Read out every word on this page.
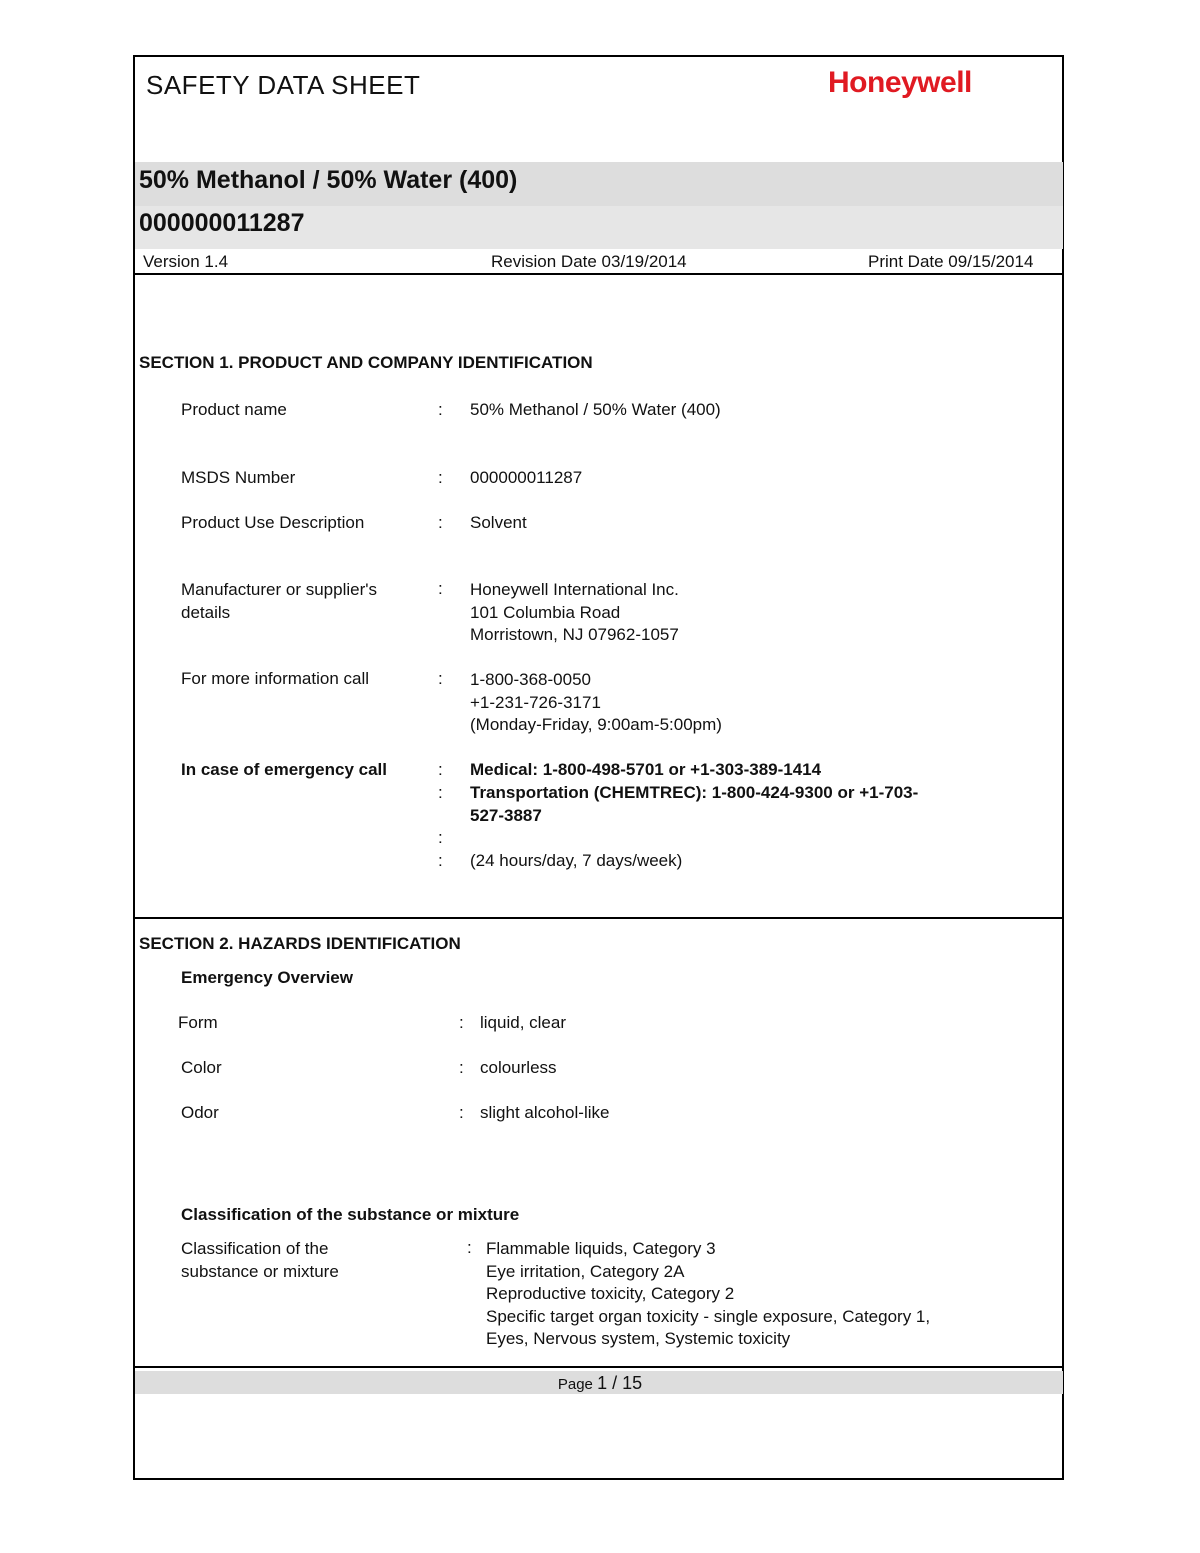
SAFETY DATA SHEET	Honeywell
50% Methanol / 50% Water (400)
000000011287
Version 1.4	Revision Date 03/19/2014	Print Date 09/15/2014
SECTION 1. PRODUCT AND COMPANY IDENTIFICATION
Product name	: 50% Methanol / 50% Water (400)
MSDS Number	: 000000011287
Product Use Description	: Solvent
Manufacturer or supplier's
details
: Honeywell International Inc.
101 Columbia Road
Morristown, NJ 07962-1057
For more information call	: 1-800-368-0050
+1-231-726-3171
(Monday-Friday, 9:00am-5:00pm)
In case of emergency call	: Medical: 1-800-498-5701 or +1-303-389-1414
: Transportation (CHEMTREC): 1-800-424-9300 or +1-703-
527-3887
:
: (24 hours/day, 7 days/week)
SECTION 2. HAZARDS IDENTIFICATION
Emergency Overview
Form	: liquid, clear
Color	: colourless
Odor	: slight alcohol-like
Classification of the substance or mixture
Classification of the
substance or mixture
: Flammable liquids, Category 3
Eye irritation, Category 2A
Reproductive toxicity, Category 2
Specific target organ toxicity - single exposure, Category 1,
Eyes, Nervous system, Systemic toxicity
Page 1 / 15
